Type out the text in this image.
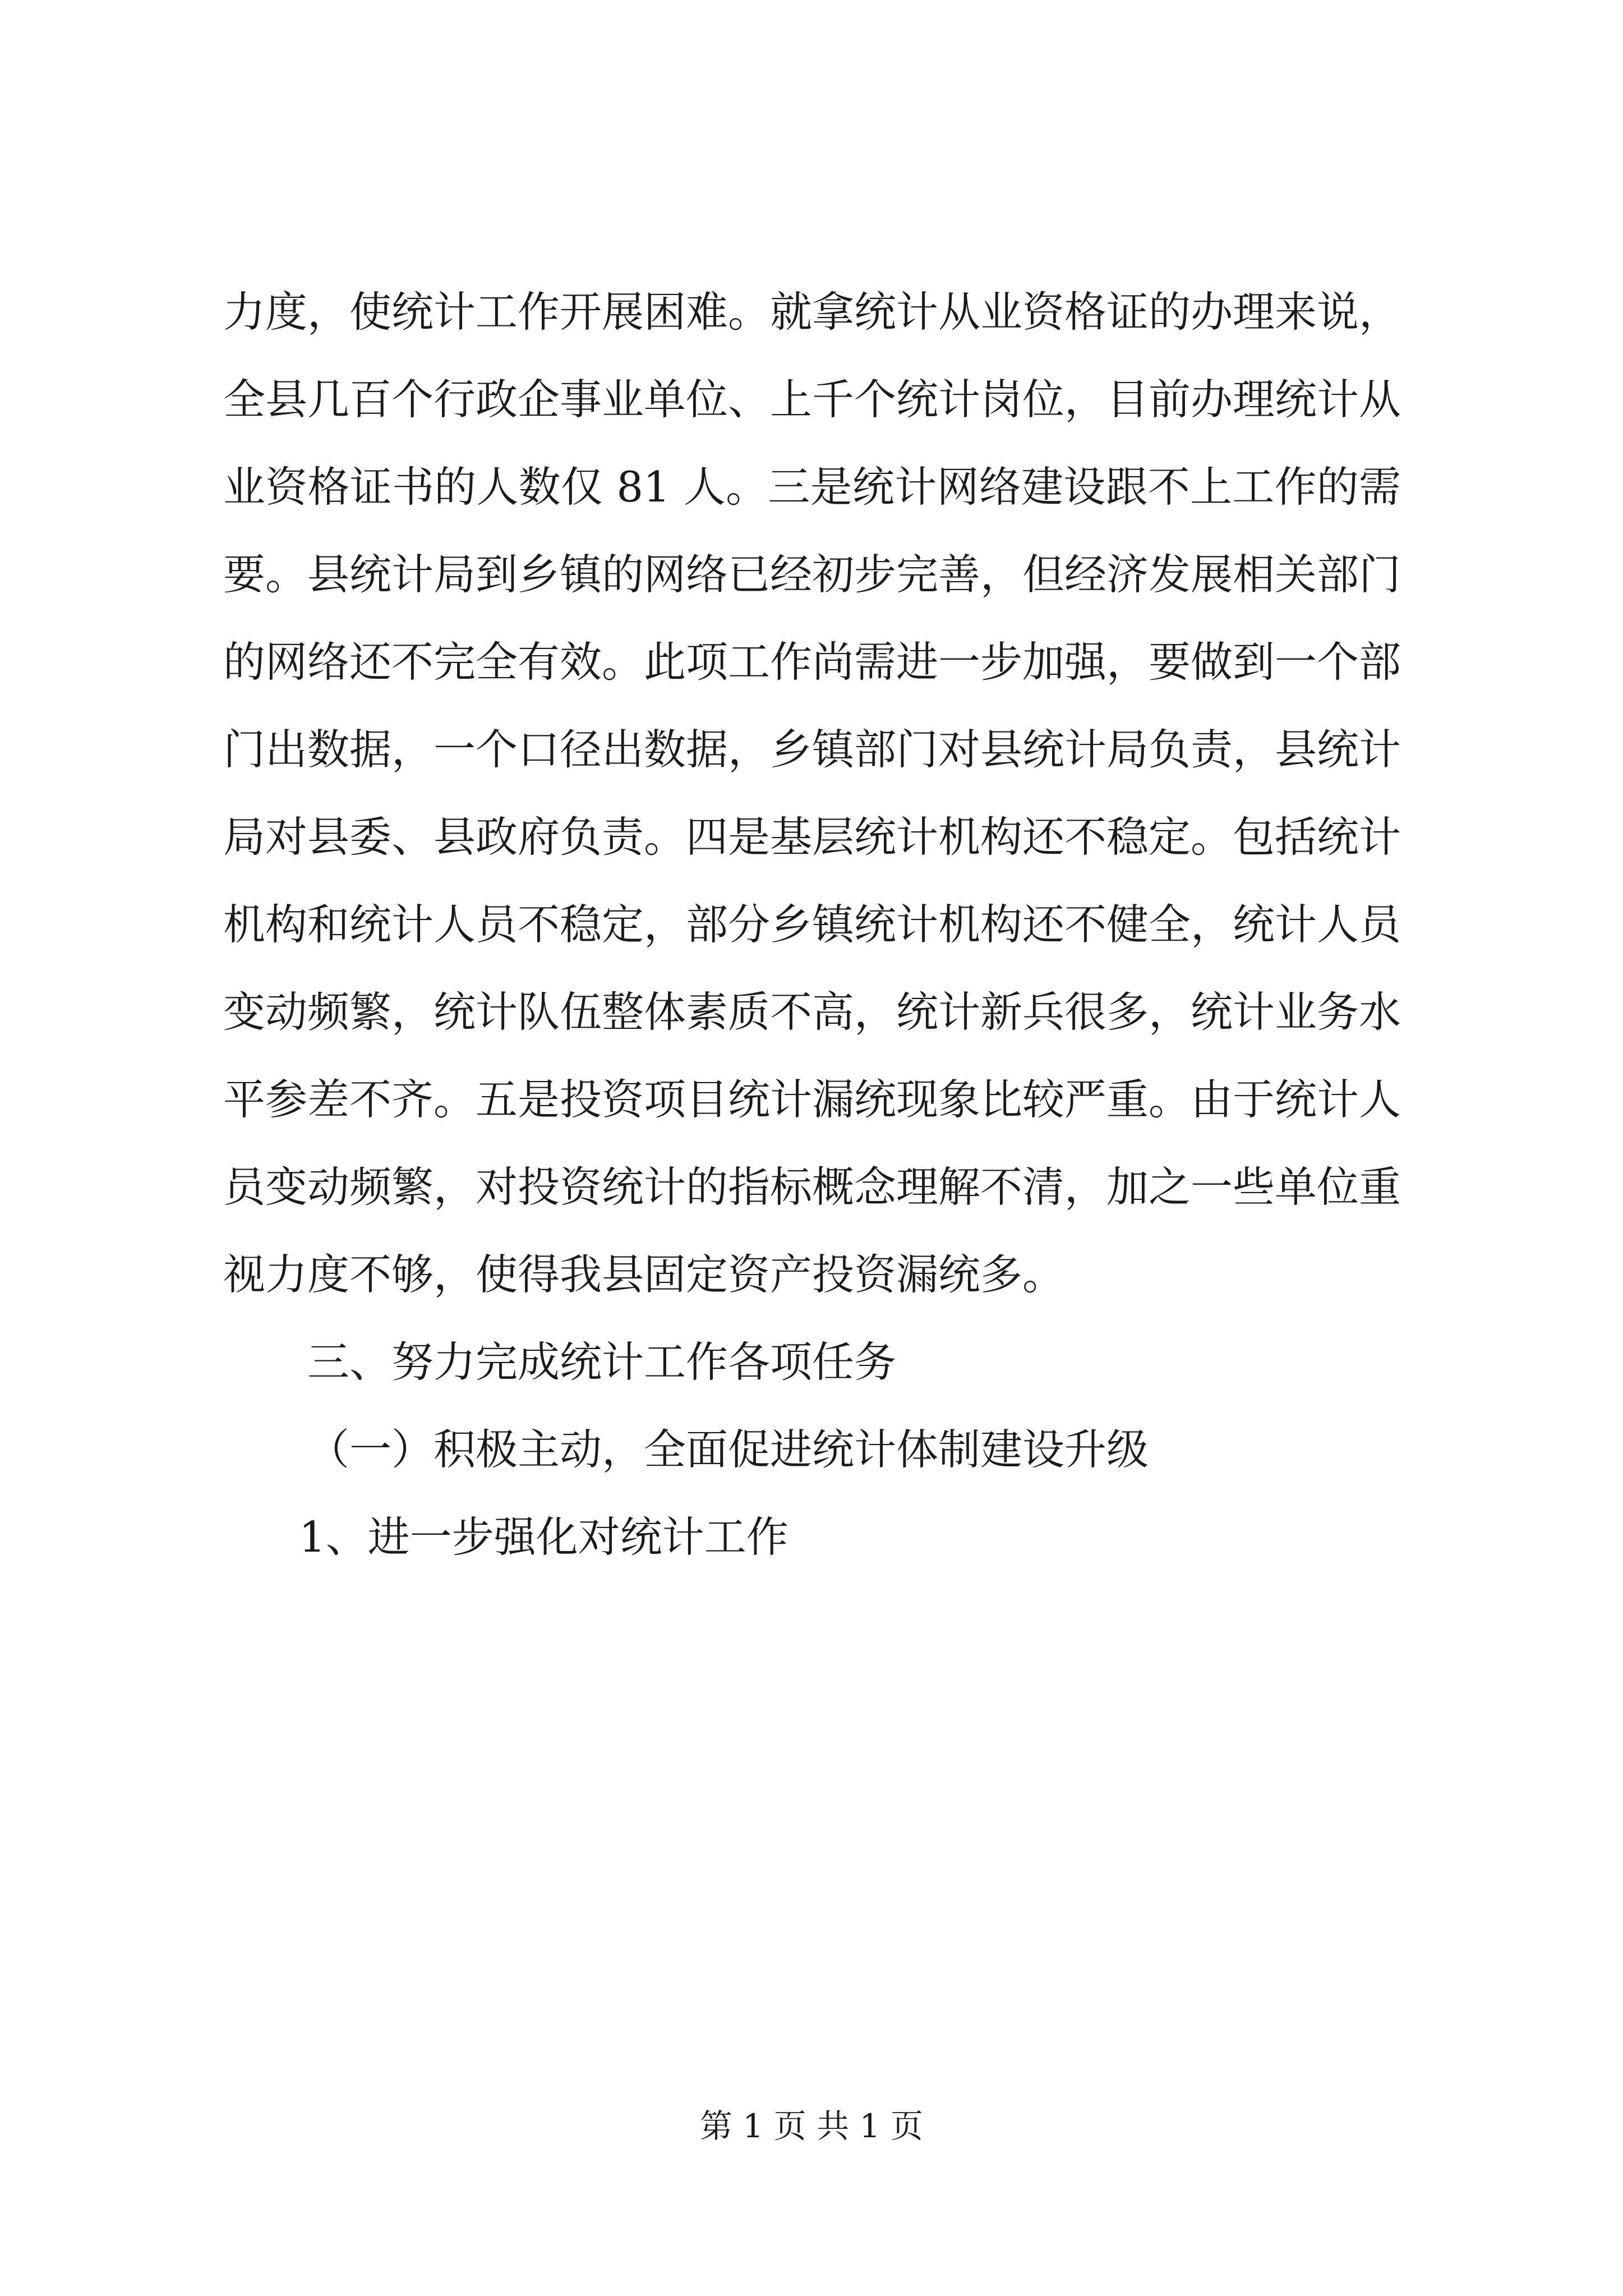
力度，使统计工作开展困难。就拿统计从业资格证的办理来说，
全县几百个行政企事业单位、上千个统计岗位，目前办理统计从
业资格证书的人数仅 81 人。三是统计网络建设跟不上工作的需
要。县统计局到乡镇的网络已经初步完善，但经济发展相关部门
的网络还不完全有效。此项工作尚需进一步加强，要做到一个部
门出数据，一个口径出数据，乡镇部门对县统计局负责，县统计
局对县委、县政府负责。四是基层统计机构还不稳定。包括统计
机构和统计人员不稳定，部分乡镇统计机构还不健全，统计人员
变动频繁，统计队伍整体素质不高，统计新兵很多，统计业务水
平参差不齐。五是投资项目统计漏统现象比较严重。由于统计人
员变动频繁，对投资统计的指标概念理解不清，加之一些单位重
视力度不够，使得我县固定资产投资漏统多。
三、努力完成统计工作各项任务
（一）积极主动，全面促进统计体制建设升级
1、进一步强化对统计工作
第 1 页 共 1 页
